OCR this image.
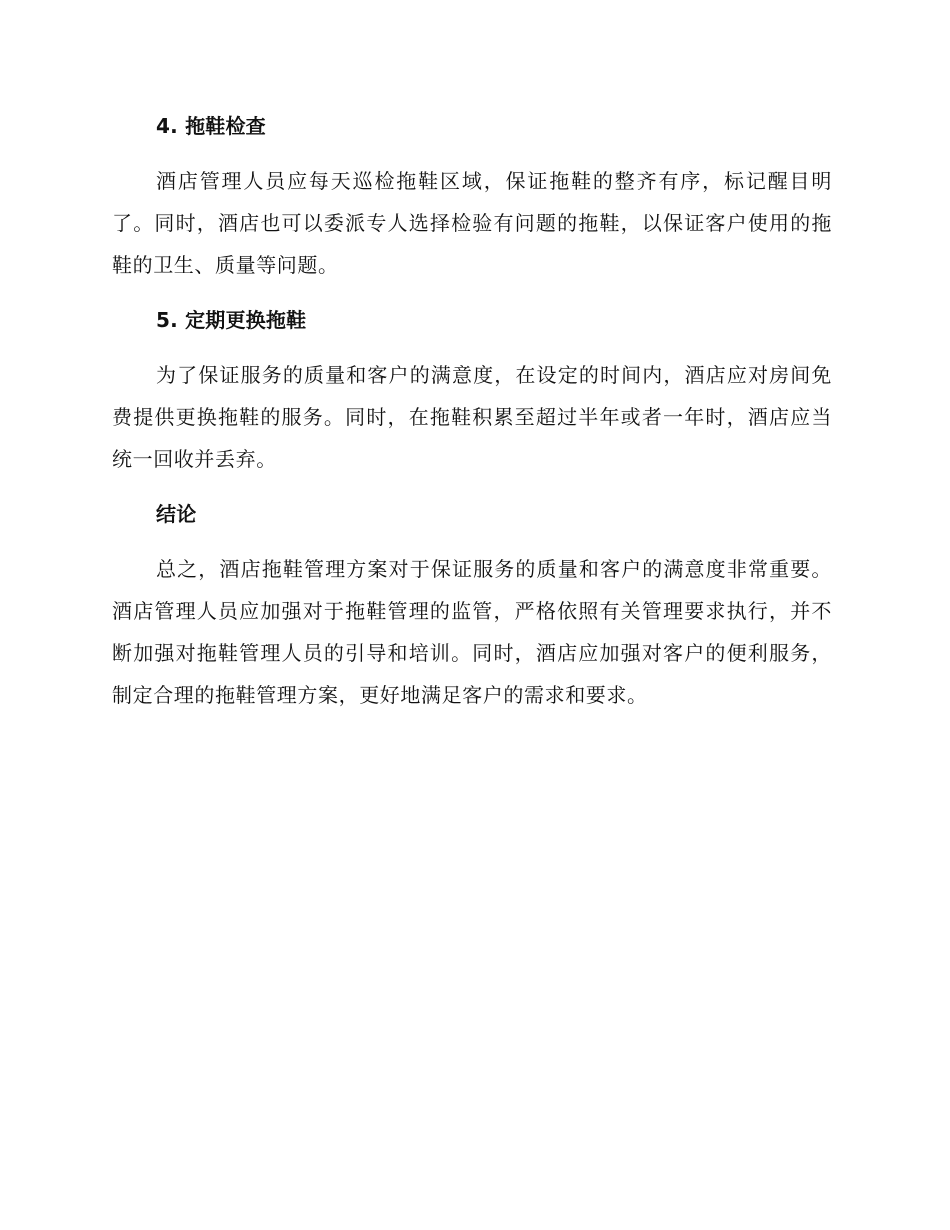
4. 拖鞋检查

酒店管理人员应每天巡检拖鞋区域，保证拖鞋的整齐有序，标记醒目明了。同时，酒店也可以委派专人选择检验有问题的拖鞋，以保证客户使用的拖鞋的卫生、质量等问题。

5. 定期更换拖鞋

为了保证服务的质量和客户的满意度，在设定的时间内，酒店应对房间免费提供更换拖鞋的服务。同时，在拖鞋积累至超过半年或者一年时，酒店应当统一回收并丢弃。

结论

总之，酒店拖鞋管理方案对于保证服务的质量和客户的满意度非常重要。酒店管理人员应加强对于拖鞋管理的监管，严格依照有关管理要求执行，并不断加强对拖鞋管理人员的引导和培训。同时，酒店应加强对客户的便利服务，制定合理的拖鞋管理方案，更好地满足客户的需求和要求。
